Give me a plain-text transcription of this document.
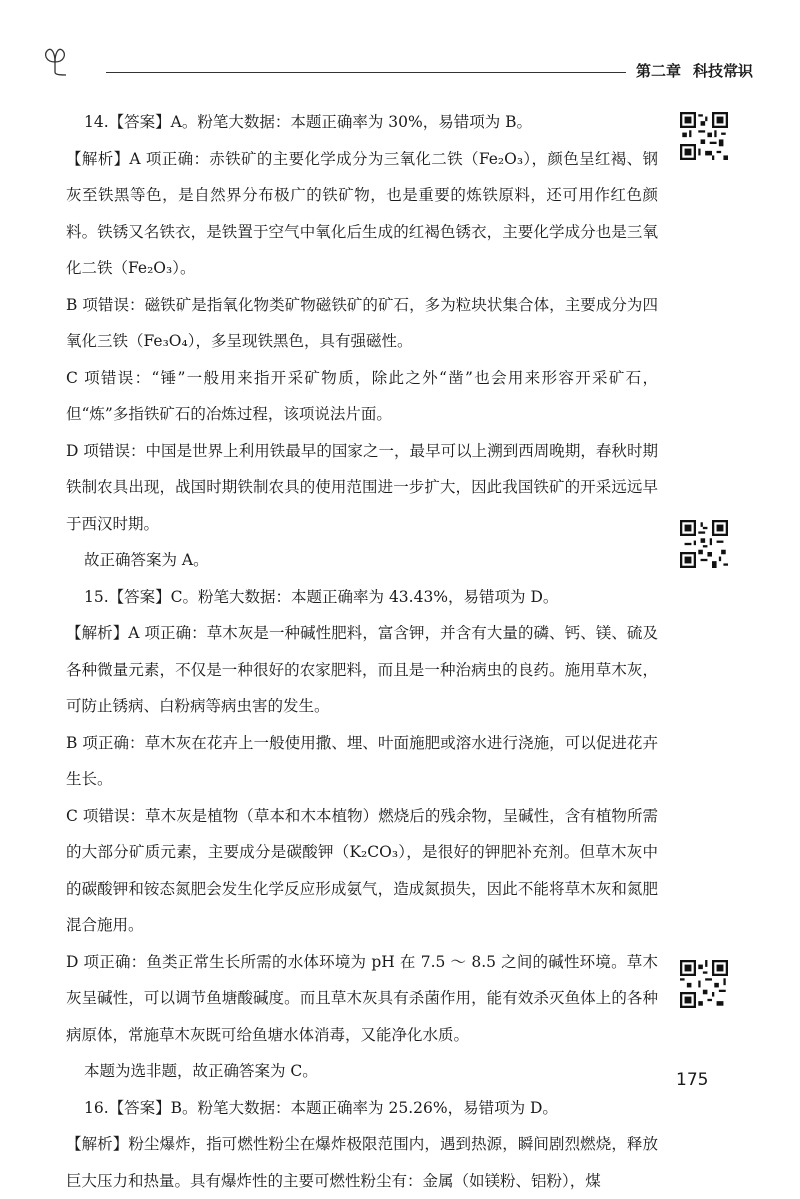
第二章 科技常识

14.【答案】A。粉笔大数据：本题正确率为 30%，易错项为 B。

【解析】A 项正确：赤铁矿的主要化学成分为三氧化二铁（Fe₂O₃），颜色呈红褐、钢灰至铁黑等色，是自然界分布极广的铁矿物，也是重要的炼铁原料，还可用作红色颜料。铁锈又名铁衣，是铁置于空气中氧化后生成的红褐色锈衣，主要化学成分也是三氧化二铁（Fe₂O₃）。

B 项错误：磁铁矿是指氧化物类矿物磁铁矿的矿石，多为粒块状集合体，主要成分为四氧化三铁（Fe₃O₄），多呈现铁黑色，具有强磁性。

C 项错误：“锤”一般用来指开采矿物质，除此之外“凿”也会用来形容开采矿石，但“炼”多指铁矿石的冶炼过程，该项说法片面。

D 项错误：中国是世界上利用铁最早的国家之一，最早可以上溯到西周晚期，春秋时期铁制农具出现，战国时期铁制农具的使用范围进一步扩大，因此我国铁矿的开采远远早于西汉时期。

故正确答案为 A。

15.【答案】C。粉笔大数据：本题正确率为 43.43%，易错项为 D。

【解析】A 项正确：草木灰是一种碱性肥料，富含钾，并含有大量的磷、钙、镁、硫及各种微量元素，不仅是一种很好的农家肥料，而且是一种治病虫的良药。施用草木灰，可防止锈病、白粉病等病虫害的发生。

B 项正确：草木灰在花卉上一般使用撒、埋、叶面施肥或溶水进行浇施，可以促进花卉生长。

C 项错误：草木灰是植物（草本和木本植物）燃烧后的残余物，呈碱性，含有植物所需的大部分矿质元素，主要成分是碳酸钾（K₂CO₃），是很好的钾肥补充剂。但草木灰中的碳酸钾和铵态氮肥会发生化学反应形成氨气，造成氮损失，因此不能将草木灰和氮肥混合施用。

D 项正确：鱼类正常生长所需的水体环境为 pH 在 7.5 ～ 8.5 之间的碱性环境。草木灰呈碱性，可以调节鱼塘酸碱度。而且草木灰具有杀菌作用，能有效杀灭鱼体上的各种病原体，常施草木灰既可给鱼塘水体消毒，又能净化水质。

本题为选非题，故正确答案为 C。

16.【答案】B。粉笔大数据：本题正确率为 25.26%，易错项为 D。

【解析】粉尘爆炸，指可燃性粉尘在爆炸极限范围内，遇到热源，瞬间剧烈燃烧，释放巨大压力和热量。具有爆炸性的主要可燃性粉尘有：金属（如镁粉、铝粉），煤

175
